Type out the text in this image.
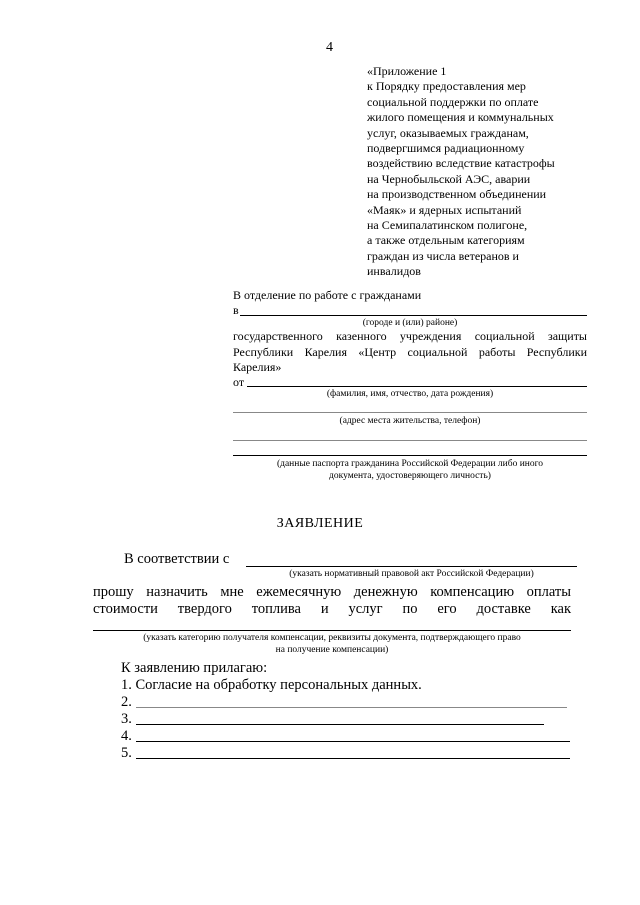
4
«Приложение 1
к Порядку предоставления мер
социальной поддержки по оплате
жилого помещения и коммунальных
услуг, оказываемых гражданам,
подвергшимся радиационному
воздействию вследствие катастрофы
на Чернобыльской АЭС, аварии
на производственном объединении
«Маяк» и ядерных испытаний
на Семипалатинском полигоне,
а также отдельным категориям
граждан из числа ветеранов и
инвалидов
В отделение по работе с гражданами
в
(городе и (или) районе)
государственного казенного учреждения социальной защиты
Республики Карелия «Центр социальной работы Республики
Карелия»
от
(фамилия, имя, отчество, дата рождения)
(адрес места жительства, телефон)
(данные паспорта гражданина Российской Федерации либо иного
документа, удостоверяющего личность)
ЗАЯВЛЕНИЕ
В соответствии с
(указать нормативный правовой акт Российской Федерации)
прошу назначить мне ежемесячную денежную компенсацию оплаты
стоимости твердого топлива и услуг по его доставке как
(указать категорию получателя компенсации, реквизиты документа, подтверждающего право
на получение компенсации)
К заявлению прилагаю:
1. Согласие на обработку персональных данных.
2.
3.
4.
5.
